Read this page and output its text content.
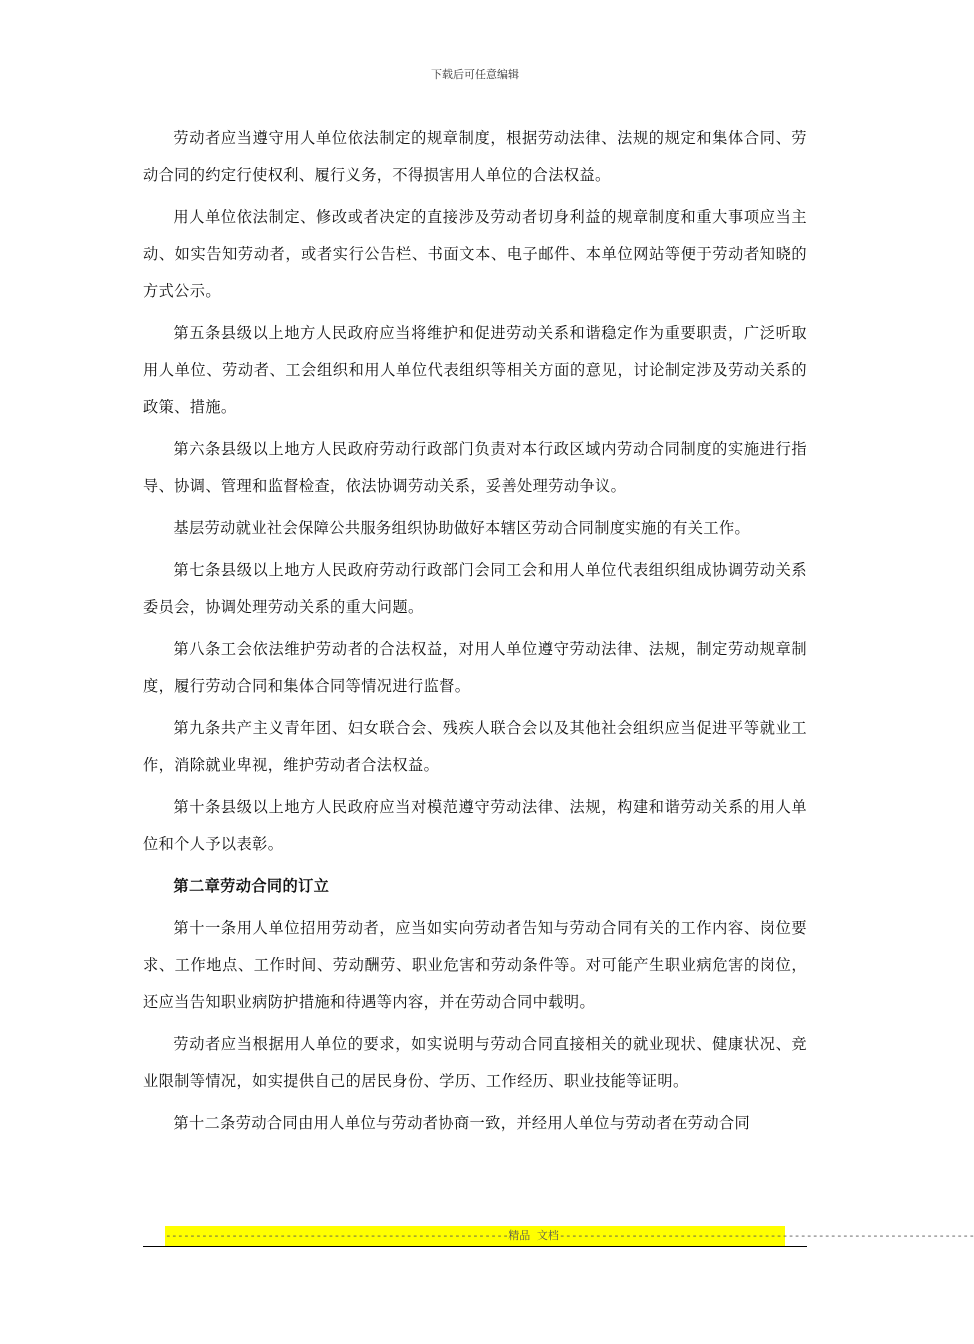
下载后可任意编辑

劳动者应当遵守用人单位依法制定的规章制度，根据劳动法律、法规的规定和集体合同、劳动合同的约定行使权利、履行义务，不得损害用人单位的合法权益。

用人单位依法制定、修改或者决定的直接涉及劳动者切身利益的规章制度和重大事项应当主动、如实告知劳动者，或者实行公告栏、书面文本、电子邮件、本单位网站等便于劳动者知晓的方式公示。

第五条县级以上地方人民政府应当将维护和促进劳动关系和谐稳定作为重要职责，广泛听取用人单位、劳动者、工会组织和用人单位代表组织等相关方面的意见，讨论制定涉及劳动关系的政策、措施。

第六条县级以上地方人民政府劳动行政部门负责对本行政区域内劳动合同制度的实施进行指导、协调、管理和监督检查，依法协调劳动关系，妥善处理劳动争议。

基层劳动就业社会保障公共服务组织协助做好本辖区劳动合同制度实施的有关工作。

第七条县级以上地方人民政府劳动行政部门会同工会和用人单位代表组织组成协调劳动关系委员会，协调处理劳动关系的重大问题。

第八条工会依法维护劳动者的合法权益，对用人单位遵守劳动法律、法规，制定劳动规章制度，履行劳动合同和集体合同等情况进行监督。

第九条共产主义青年团、妇女联合会、残疾人联合会以及其他社会组织应当促进平等就业工作，消除就业卑视，维护劳动者合法权益。

第十条县级以上地方人民政府应当对模范遵守劳动法律、法规，构建和谐劳动关系的用人单位和个人予以表彰。

第二章劳动合同的订立

第十一条用人单位招用劳动者，应当如实向劳动者告知与劳动合同有关的工作内容、岗位要求、工作地点、工作时间、劳动酬劳、职业危害和劳动条件等。对可能产生职业病危害的岗位，还应当告知职业病防护措施和待遇等内容，并在劳动合同中载明。

劳动者应当根据用人单位的要求，如实说明与劳动合同直接相关的就业现状、健康状况、竞业限制等情况，如实提供自己的居民身份、学历、工作经历、职业技能等证明。

第十二条劳动合同由用人单位与劳动者协商一致，并经用人单位与劳动者在劳动合同

---------------------------------------------------------精品 文档---------------------------------------------------------------------
